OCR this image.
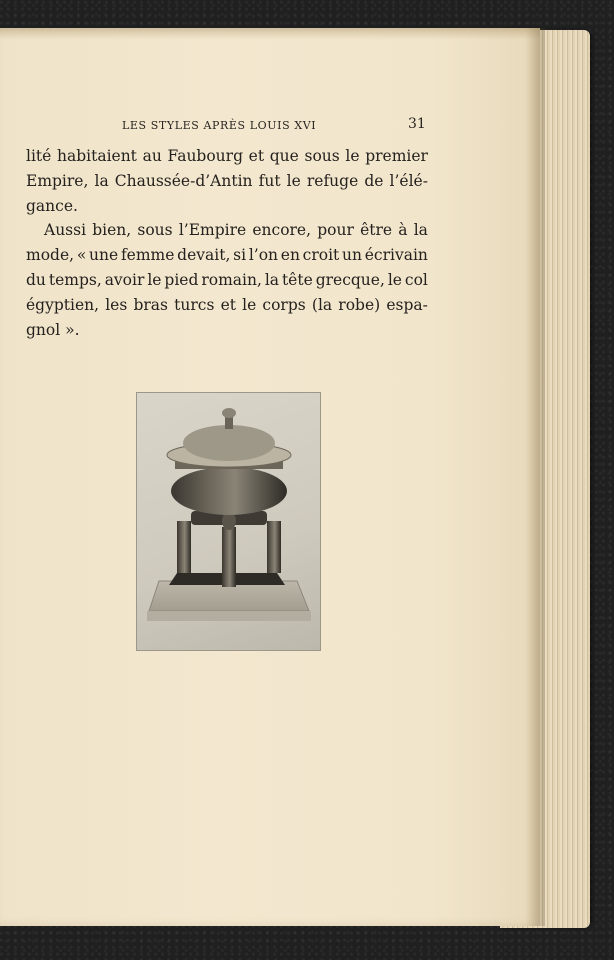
LES STYLES APRÈS LOUIS XVI	31
lité habitaient au Faubourg et que sous le premier
Empire, la Chaussée-d’Antin fut le refuge de l’élé-
gance.
Aussi bien, sous l’Empire encore, pour être à la
mode, « une femme devait, si l’on en croit un écrivain
du temps, avoir le pied romain, la tête grecque, le col
égyptien, les bras turcs et le corps (la robe) espa-
gnol ».
